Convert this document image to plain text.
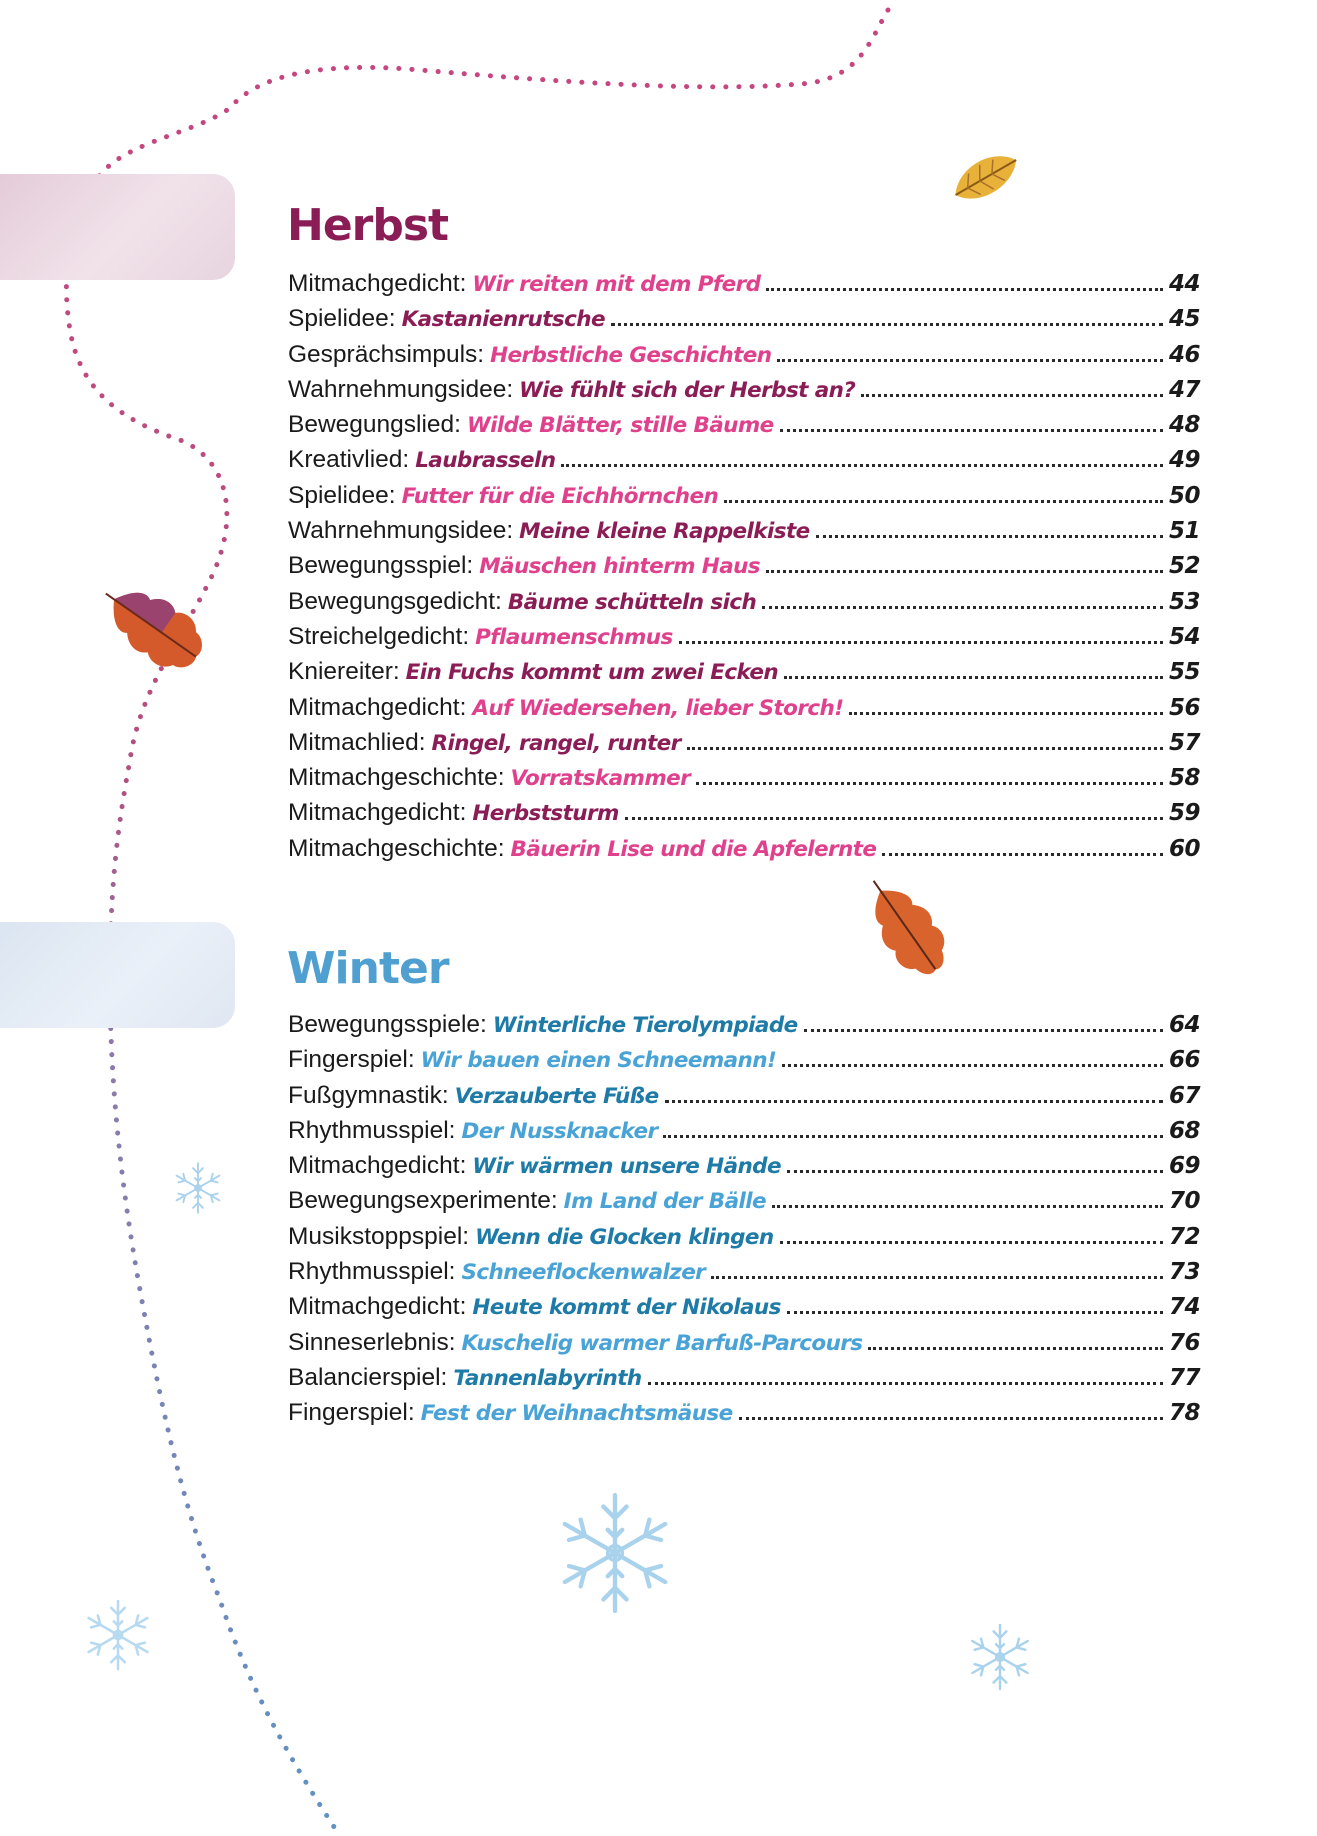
Herbst
Mitmachgedicht: Wir reiten mit dem Pferd	44
Spielidee: Kastanienrutsche	45
Gesprächsimpuls: Herbstliche Geschichten	46
Wahrnehmungsidee: Wie fühlt sich der Herbst an?	47
Bewegungslied: Wilde Blätter, stille Bäume	48
Kreativlied: Laubrasseln	49
Spielidee: Futter für die Eichhörnchen	50
Wahrnehmungsidee: Meine kleine Rappelkiste	51
Bewegungsspiel: Mäuschen hinterm Haus	52
Bewegungsgedicht: Bäume schütteln sich	53
Streichelgedicht: Pflaumenschmus	54
Kniereiter: Ein Fuchs kommt um zwei Ecken	55
Mitmachgedicht: Auf Wiedersehen, lieber Storch!	56
Mitmachlied: Ringel, rangel, runter	57
Mitmachgeschichte: Vorratskammer	58
Mitmachgedicht: Herbststurm	59
Mitmachgeschichte: Bäuerin Lise und die Apfelernte	60
Winter
Bewegungsspiele: Winterliche Tierolympiade	64
Fingerspiel: Wir bauen einen Schneemann!	66
Fußgymnastik: Verzauberte Füße	67
Rhythmusspiel: Der Nussknacker	68
Mitmachgedicht: Wir wärmen unsere Hände	69
Bewegungsexperimente: Im Land der Bälle	70
Musikstoppspiel: Wenn die Glocken klingen	72
Rhythmusspiel: Schneeflockenwalzer	73
Mitmachgedicht: Heute kommt der Nikolaus	74
Sinneserlebnis: Kuschelig warmer Barfuß-Parcours	76
Balancierspiel: Tannenlabyrinth	77
Fingerspiel: Fest der Weihnachtsmäuse	78
